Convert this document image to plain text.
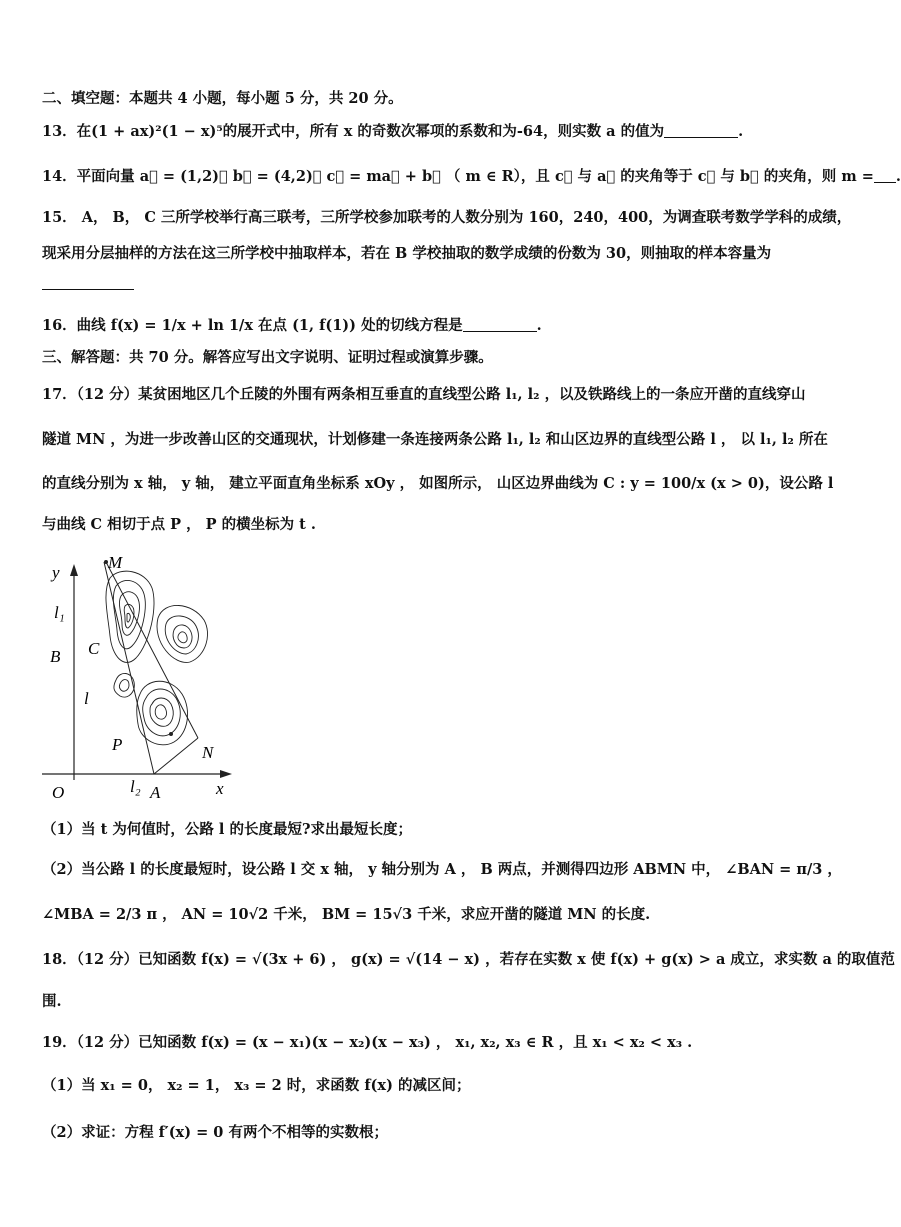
二、填空题：本题共 4 小题，每小题 5 分，共 20 分。
13．在(1 + ax)²(1 − x)⁵的展开式中，所有 x 的奇数次幂项的系数和为-64，则实数 a 的值为	.
14．平面向量 a⃗ = (1,2)， b⃗ = (4,2)， c⃗ = ma⃗ + b⃗ （ m ∈ R），且 c⃗ 与 a⃗ 的夹角等于 c⃗ 与 b⃗ 的夹角，则 m = .
15． A， B， C 三所学校举行高三联考，三所学校参加联考的人数分别为 160，240，400，为调查联考数学学科的成绩，
现采用分层抽样的方法在这三所学校中抽取样本，若在 B 学校抽取的数学成绩的份数为 30，则抽取的样本容量为
16．曲线 f(x) = 1/x + ln 1/x 在点 (1, f(1)) 处的切线方程是	.
三、解答题：共 70 分。解答应写出文字说明、证明过程或演算步骤。
17．（12 分）某贫困地区几个丘陵的外围有两条相互垂直的直线型公路 l₁, l₂ ，以及铁路线上的一条应开凿的直线穿山
隧道 MN ，为进一步改善山区的交通现状，计划修建一条连接两条公路 l₁, l₂ 和山区边界的直线型公路 l ， 以 l₁, l₂ 所在
的直线分别为 x 轴， y 轴， 建立平面直角坐标系 xOy ， 如图所示， 山区边界曲线为 C : y = 100/x (x > 0)，设公路 l
与曲线 C 相切于点 P ， P 的横坐标为 t .
y
M
l₁
B C
l
P	N
O	l₂ A	x
（1）当 t 为何值时，公路 l 的长度最短?求出最短长度；
（2）当公路 l 的长度最短时，设公路 l 交 x 轴， y 轴分别为 A ， B 两点，并测得四边形 ABMN 中， ∠BAN = π/3 ，
∠MBA = 2/3 π ， AN = 10√2 千米， BM = 15√3 千米，求应开凿的隧道 MN 的长度.
18．（12 分）已知函数 f(x) = √(3x + 6) ， g(x) = √(14 − x) ，若存在实数 x 使 f(x) + g(x) > a 成立，求实数 a 的取值范
围.
19．（12 分）已知函数 f(x) = (x − x₁)(x − x₂)(x − x₃) ， x₁, x₂, x₃ ∈ R ，且 x₁ < x₂ < x₃ .
（1）当 x₁ = 0， x₂ = 1， x₃ = 2 时，求函数 f(x) 的减区间；
（2）求证：方程 f′(x) = 0 有两个不相等的实数根；
